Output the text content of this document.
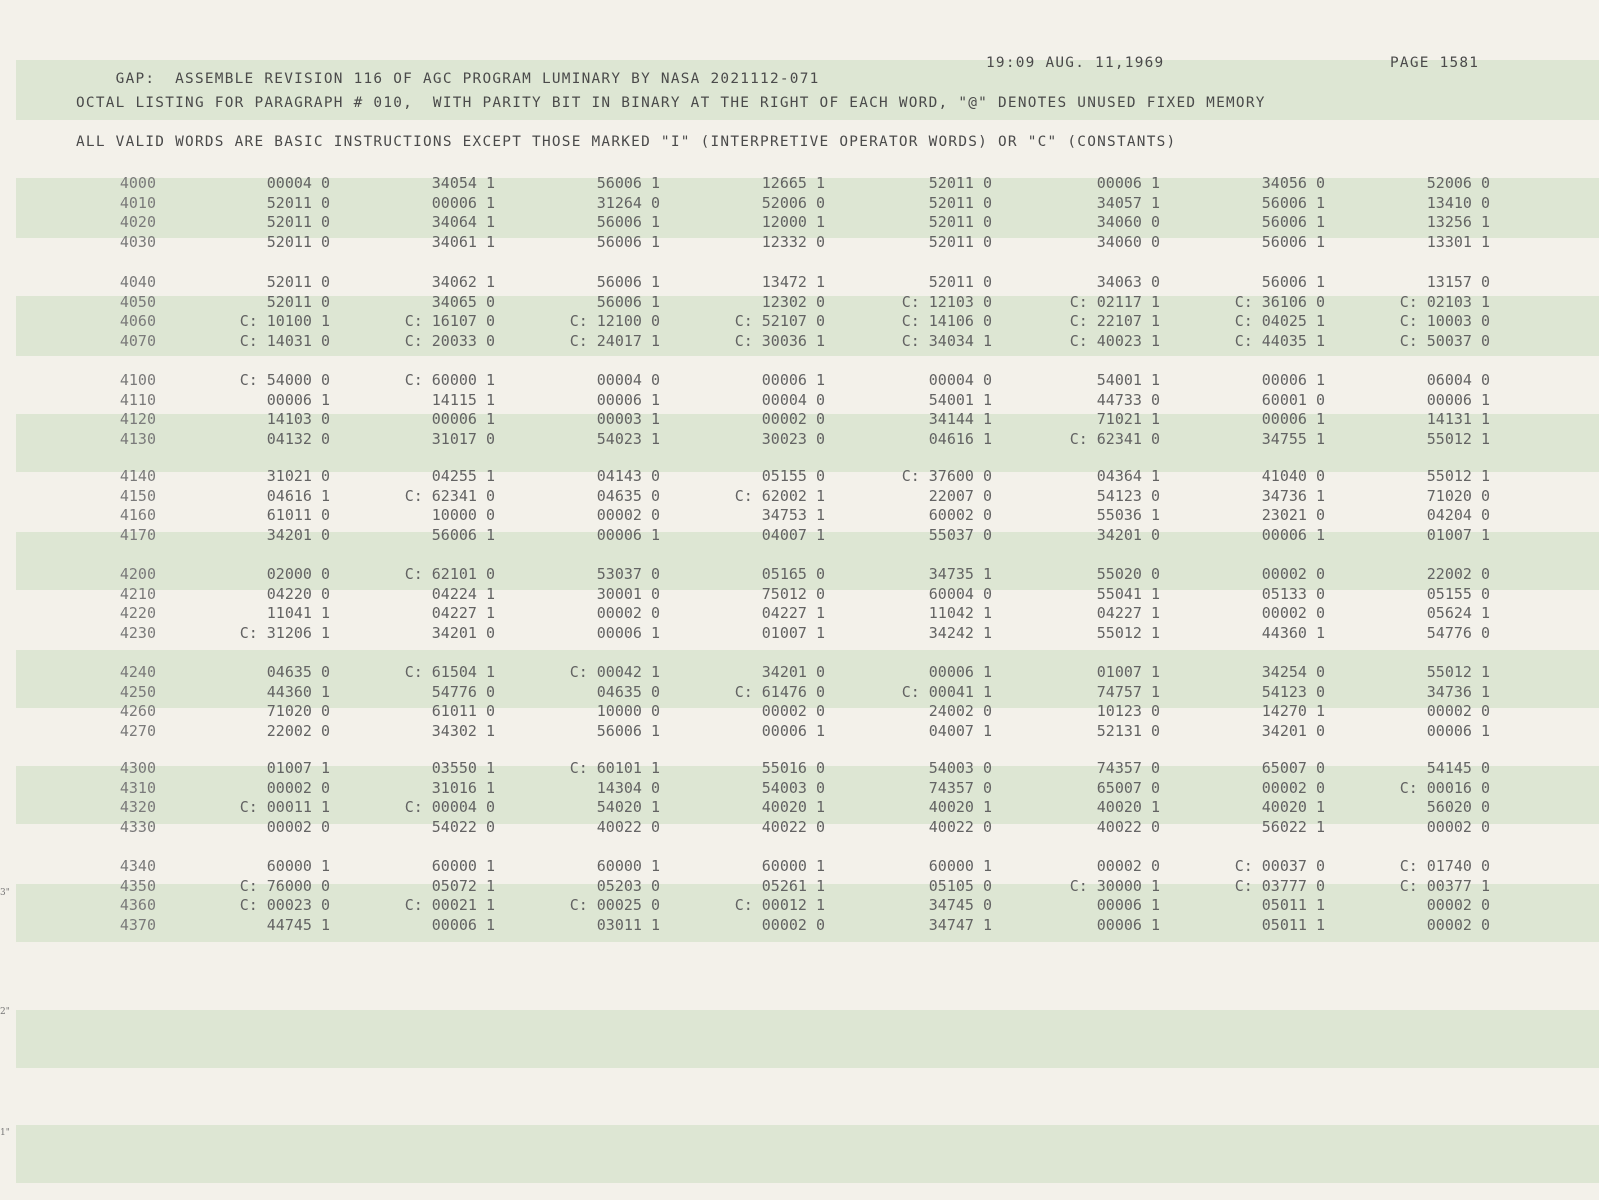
GAP:  ASSEMBLE REVISION 116 OF AGC PROGRAM LUMINARY BY NASA 2021112-071

19:09 AUG. 11,1969	PAGE 1581
OCTAL LISTING FOR PARAGRAPH # 010,  WITH PARITY BIT IN BINARY AT THE RIGHT OF EACH WORD, "@" DENOTES UNUSED FIXED MEMORY
ALL VALID WORDS ARE BASIC INSTRUCTIONS EXCEPT THOSE MARKED "I" (INTERPRETIVE OPERATOR WORDS) OR "C" (CONSTANTS)
4000	00004 0	34054 1	56006 1	12665 1	52011 0	00006 1	34056 0	52006 0
4010	52011 0	00006 1	31264 0	52006 0	52011 0	34057 1	56006 1	13410 0
4020	52011 0	34064 1	56006 1	12000 1	52011 0	34060 0	56006 1	13256 1
4030	52011 0	34061 1	56006 1	12332 0	52011 0	34060 0	56006 1	13301 1
4040	52011 0	34062 1	56006 1	13472 1	52011 0	34063 0	56006 1	13157 0
4050	52011 0	34065 0	56006 1	12302 0	C: 12103 0	C: 02117 1	C: 36106 0	C: 02103 1
4060	C: 10100 1	C: 16107 0	C: 12100 0	C: 52107 0	C: 14106 0	C: 22107 1	C: 04025 1	C: 10003 0
4070	C: 14031 0	C: 20033 0	C: 24017 1	C: 30036 1	C: 34034 1	C: 40023 1	C: 44035 1	C: 50037 0
4100	C: 54000 0	C: 60000 1	00004 0	00006 1	00004 0	54001 1	00006 1	06004 0
4110	00006 1	14115 1	00006 1	00004 0	54001 1	44733 0	60001 0	00006 1
4120	14103 0	00006 1	00003 1	00002 0	34144 1	71021 1	00006 1	14131 1
4130	04132 0	31017 0	54023 1	30023 0	04616 1	C: 62341 0	34755 1	55012 1
4140	31021 0	04255 1	04143 0	05155 0	C: 37600 0	04364 1	41040 0	55012 1
4150	04616 1	C: 62341 0	04635 0	C: 62002 1	22007 0	54123 0	34736 1	71020 0
4160	61011 0	10000 0	00002 0	34753 1	60002 0	55036 1	23021 0	04204 0
4170	34201 0	56006 1	00006 1	04007 1	55037 0	34201 0	00006 1	01007 1
4200	02000 0	C: 62101 0	53037 0	05165 0	34735 1	55020 0	00002 0	22002 0
4210	04220 0	04224 1	30001 0	75012 0	60004 0	55041 1	05133 0	05155 0
4220	11041 1	04227 1	00002 0	04227 1	11042 1	04227 1	00002 0	05624 1
4230	C: 31206 1	34201 0	00006 1	01007 1	34242 1	55012 1	44360 1	54776 0
4240	04635 0	C: 61504 1	C: 00042 1	34201 0	00006 1	01007 1	34254 0	55012 1
4250	44360 1	54776 0	04635 0	C: 61476 0	C: 00041 1	74757 1	54123 0	34736 1
4260	71020 0	61011 0	10000 0	00002 0	24002 0	10123 0	14270 1	00002 0
4270	22002 0	34302 1	56006 1	00006 1	04007 1	52131 0	34201 0	00006 1
4300	01007 1	03550 1	C: 60101 1	55016 0	54003 0	74357 0	65007 0	54145 0
4310	00002 0	31016 1	14304 0	54003 0	74357 0	65007 0	00002 0	C: 00016 0
4320	C: 00011 1	C: 00004 0	54020 1	40020 1	40020 1	40020 1	40020 1	56020 0
4330	00002 0	54022 0	40022 0	40022 0	40022 0	40022 0	56022 1	00002 0
4340	60000 1	60000 1	60000 1	60000 1	60000 1	00002 0	C: 00037 0	C: 01740 0
4350	C: 76000 0	05072 1	05203 0	05261 1	05105 0	C: 30000 1	C: 03777 0	C: 00377 1
4360	C: 00023 0	C: 00021 1	C: 00025 0	C: 00012 1	34745 0	00006 1	05011 1	00002 0
4370	44745 1	00006 1	03011 1	00002 0	34747 1	00006 1	05011 1	00002 0
3"
2"
1"
